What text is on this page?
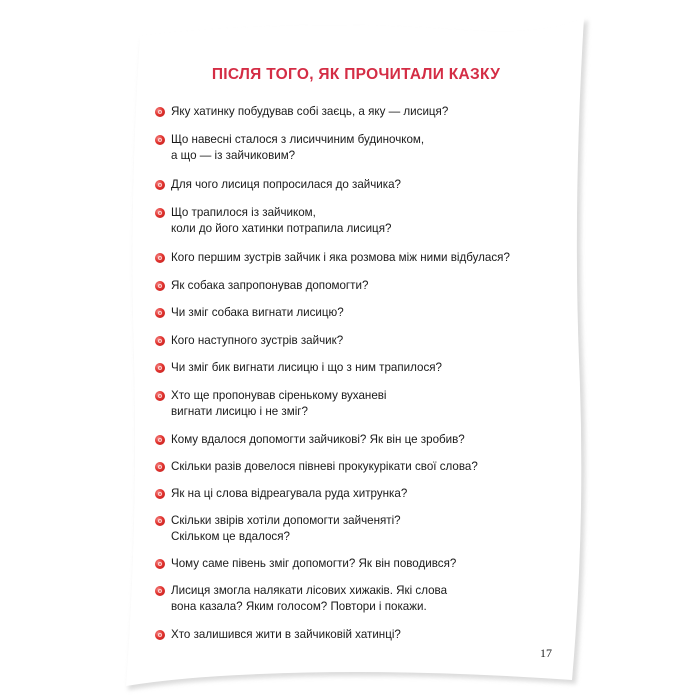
ПІСЛЯ ТОГО, ЯК ПРОЧИТАЛИ КАЗКУ
Яку хатинку побудував собі заєць, а яку — лисиця?
Що навесні сталося з лисиччиним будиночком,
а що — із зайчиковим?
Для чого лисиця попросилася до зайчика?
Що трапилося із зайчиком,
коли до його хатинки потрапила лисиця?
Кого першим зустрів зайчик і яка розмова між ними відбулася?
Як собака запропонував допомогти?
Чи зміг собака вигнати лисицю?
Кого наступного зустрів зайчик?
Чи зміг бик вигнати лисицю і що з ним трапилося?
Хто ще пропонував сіренькому вуханеві
вигнати лисицю і не зміг?
Кому вдалося допомогти зайчикові? Як він це зробив?
Скільки разів довелося півневі прокукурікати свої слова?
Як на ці слова відреагувала руда хитрунка?
Скільки звірів хотіли допомогти зайченяті?
Скільком це вдалося?
Чому саме півень зміг допомогти? Як він поводився?
Лисиця змогла налякати лісових хижаків. Які слова
вона казала? Яким голосом? Повтори і покажи.
Хто залишився жити в зайчиковій хатинці?
17
